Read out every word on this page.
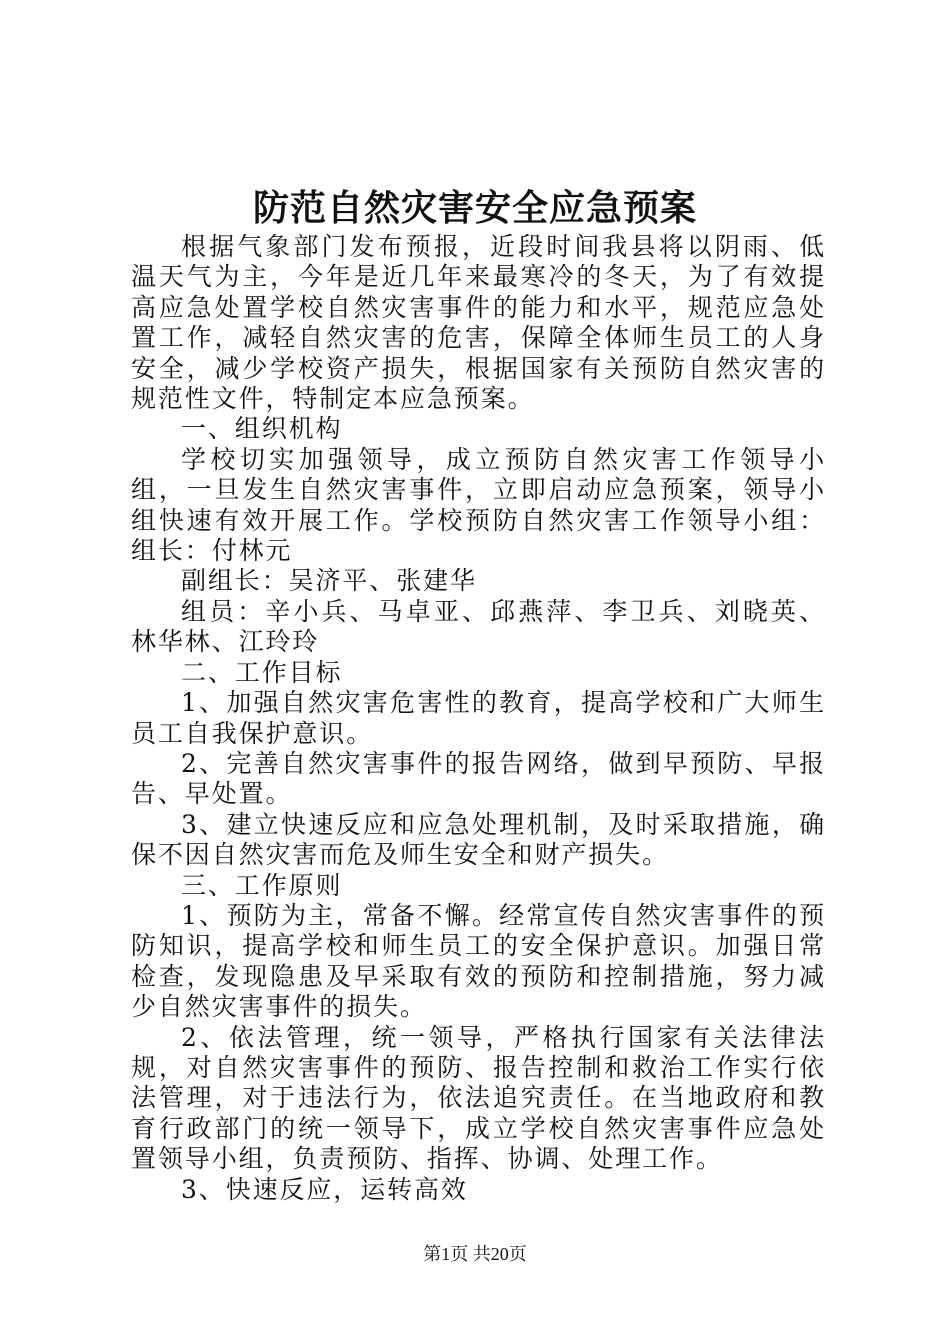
防范自然灾害安全应急预案

根据气象部门发布预报，近段时间我县将以阴雨、低温天气为主，今年是近几年来最寒冷的冬天，为了有效提高应急处置学校自然灾害事件的能力和水平，规范应急处置工作，减轻自然灾害的危害，保障全体师生员工的人身安全，减少学校资产损失，根据国家有关预防自然灾害的规范性文件，特制定本应急预案。

一、组织机构

学校切实加强领导，成立预防自然灾害工作领导小组，一旦发生自然灾害事件，立即启动应急预案，领导小组快速有效开展工作。学校预防自然灾害工作领导小组：组长：付林元

副组长：吴济平、张建华

组员：辛小兵、马卓亚、邱燕萍、李卫兵、刘晓英、林华林、江玲玲

二、工作目标

1、加强自然灾害危害性的教育，提高学校和广大师生员工自我保护意识。

2、完善自然灾害事件的报告网络，做到早预防、早报告、早处置。

3、建立快速反应和应急处理机制，及时采取措施，确保不因自然灾害而危及师生安全和财产损失。

三、工作原则

1、预防为主，常备不懈。经常宣传自然灾害事件的预防知识，提高学校和师生员工的安全保护意识。加强日常检查，发现隐患及早采取有效的预防和控制措施，努力减少自然灾害事件的损失。

2、依法管理，统一领导，严格执行国家有关法律法规，对自然灾害事件的预防、报告控制和救治工作实行依法管理，对于违法行为，依法追究责任。在当地政府和教育行政部门的统一领导下，成立学校自然灾害事件应急处置领导小组，负责预防、指挥、协调、处理工作。

3、快速反应，运转高效

第1页 共20页
